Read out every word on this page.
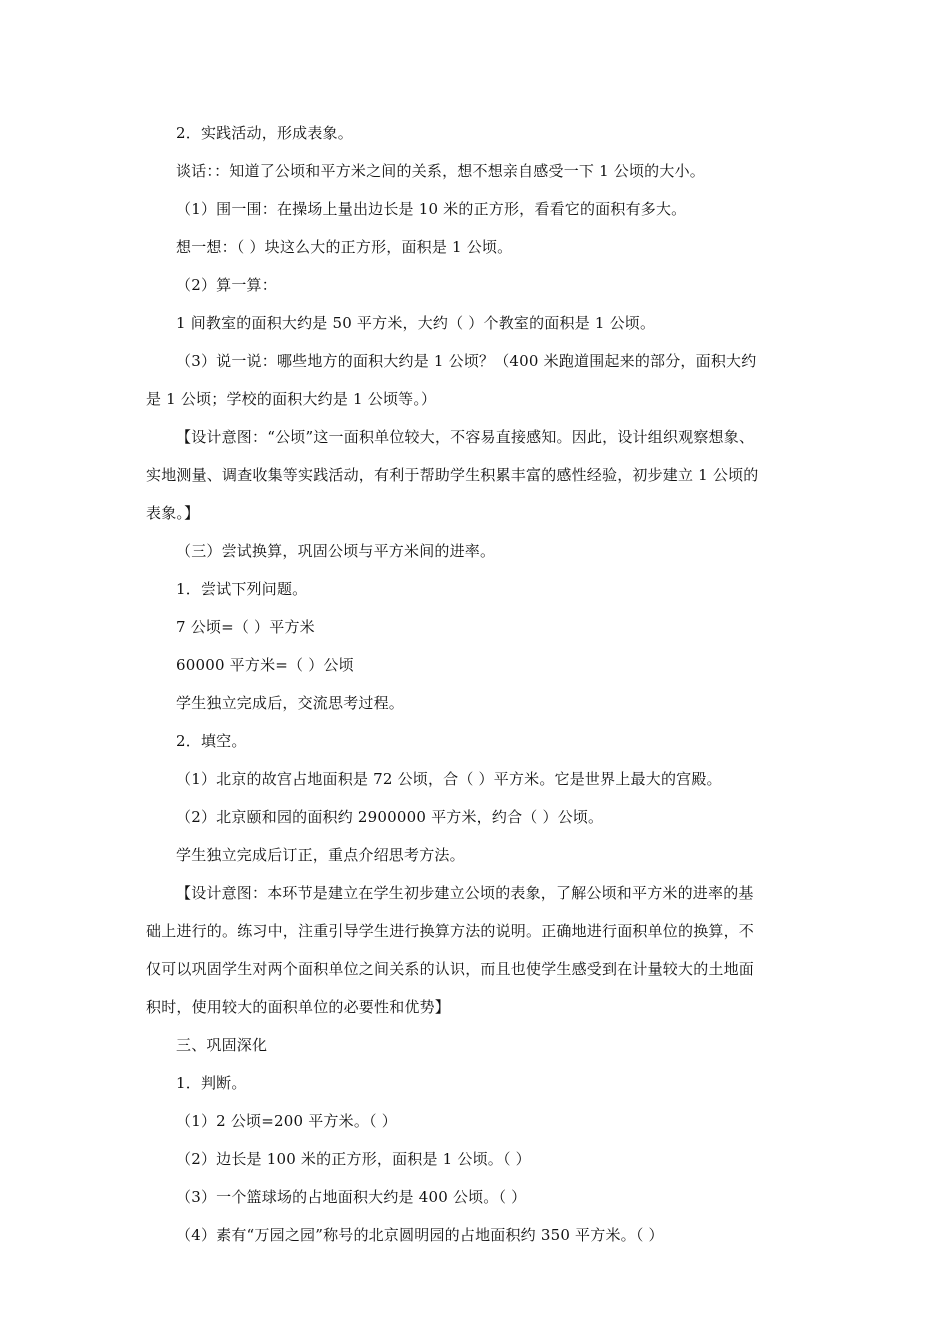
2．实践活动，形成表象。
谈话：：知道了公顷和平方米之间的关系，想不想亲自感受一下 1 公顷的大小。
（1）围一围：在操场上量出边长是 10 米的正方形，看看它的面积有多大。
想一想：（ ）块这么大的正方形，面积是 1 公顷。
（2）算一算：
1 间教室的面积大约是 50 平方米，大约（ ）个教室的面积是 1 公顷。
（3）说一说：哪些地方的面积大约是 1 公顷？（400 米跑道围起来的部分，面积大约
是 1 公顷；学校的面积大约是 1 公顷等。）
【设计意图：“公顷”这一面积单位较大，不容易直接感知。因此，设计组织观察想象、
实地测量、调查收集等实践活动，有利于帮助学生积累丰富的感性经验，初步建立 1 公顷的
表象。】
（三）尝试换算，巩固公顷与平方米间的进率。
1．尝试下列问题。
7 公顷=（ ）平方米
60000 平方米=（ ）公顷
学生独立完成后，交流思考过程。
2．填空。
（1）北京的故宫占地面积是 72 公顷，合（ ）平方米。它是世界上最大的宫殿。
（2）北京颐和园的面积约 2900000 平方米，约合（ ）公顷。
学生独立完成后订正，重点介绍思考方法。
【设计意图：本环节是建立在学生初步建立公顷的表象，了解公顷和平方米的进率的基
础上进行的。练习中，注重引导学生进行换算方法的说明。正确地进行面积单位的换算，不
仅可以巩固学生对两个面积单位之间关系的认识，而且也使学生感受到在计量较大的土地面
积时，使用较大的面积单位的必要性和优势】
三、巩固深化
1．判断。
（1）2 公顷=200 平方米。（ ）
（2）边长是 100 米的正方形，面积是 1 公顷。（ ）
（3）一个篮球场的占地面积大约是 400 公顷。（ ）
（4）素有“万园之园”称号的北京圆明园的占地面积约 350 平方米。（ ）
